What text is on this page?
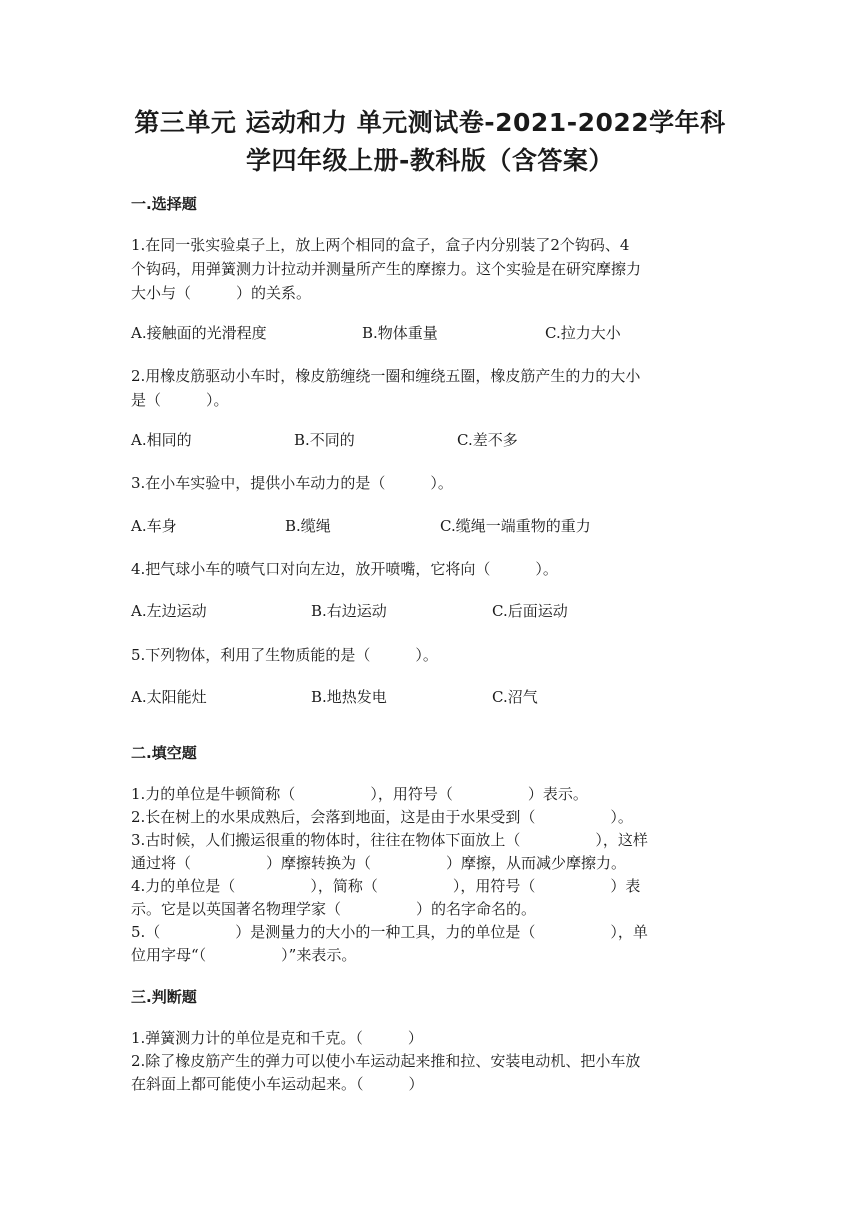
第三单元 运动和力 单元测试卷-2021-2022学年科
学四年级上册-教科版（含答案）
一.选择题

1.在同一张实验桌子上，放上两个相同的盒子，盒子内分别装了2个钩码、4

个钩码，用弹簧测力计拉动并测量所产生的摩擦力。这个实验是在研究摩擦力

大小与（　　　）的关系。

A.接触面的光滑程度	B.物体重量	C.拉力大小

2.用橡皮筋驱动小车时，橡皮筋缠绕一圈和缠绕五圈，橡皮筋产生的力的大小

是（　　　）。

A.相同的	B.不同的	C.差不多

3.在小车实验中，提供小车动力的是（　　　）。

A.车身	B.缆绳	C.缆绳一端重物的重力

4.把气球小车的喷气口对向左边，放开喷嘴，它将向（　　　）。

A.左边运动	B.右边运动	C.后面运动

5.下列物体，利用了生物质能的是（　　　）。

A.太阳能灶	B.地热发电	C.沼气
二.填空题

1.力的单位是牛顿简称（　　　　　），用符号（　　　　　）表示。

2.长在树上的水果成熟后，会落到地面，这是由于水果受到（　　　　　）。

3.古时候，人们搬运很重的物体时，往往在物体下面放上（　　　　　），这样

通过将（　　　　　）摩擦转换为（　　　　　）摩擦，从而减少摩擦力。

4.力的单位是（　　　　　），简称（　　　　　），用符号（　　　　　）表

示。它是以英国著名物理学家（　　　　　）的名字命名的。

5.（　　　　　）是测量力的大小的一种工具，力的单位是（　　　　　），单

位用字母“（　　　　　）”来表示。

三.判断题

1.弹簧测力计的单位是克和千克。（　　　）

2.除了橡皮筋产生的弹力可以使小车运动起来推和拉、安装电动机、把小车放

在斜面上都可能使小车运动起来。（　　　）
